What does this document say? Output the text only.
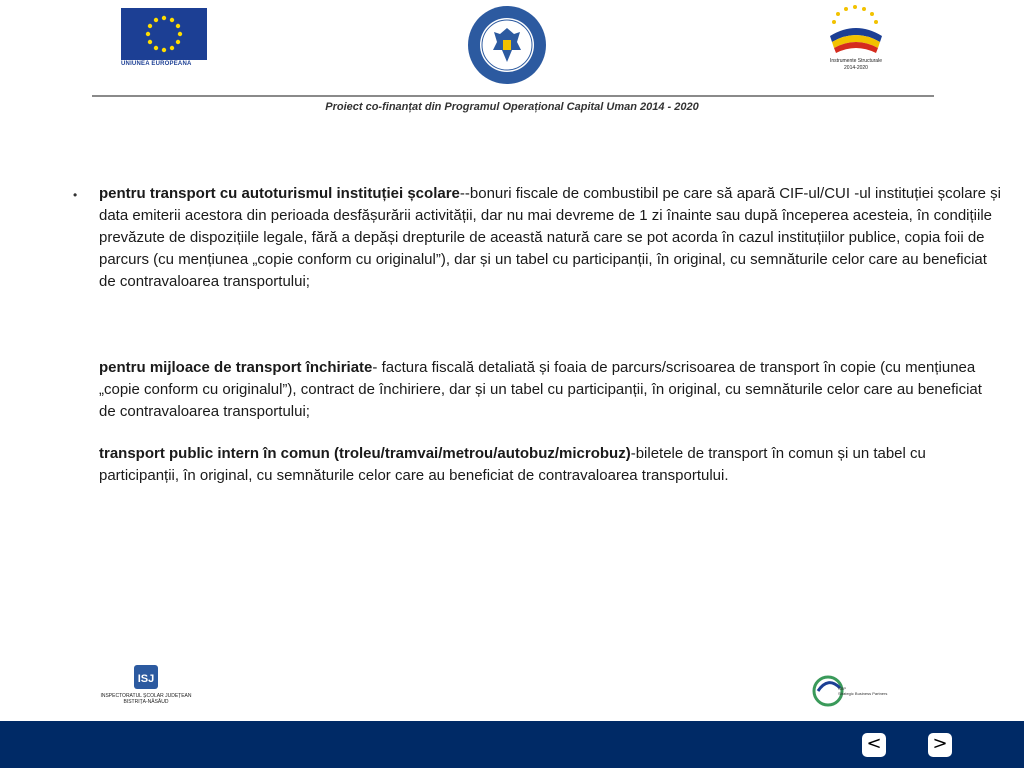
UNIUNEA EUROPEANĂ	Instrumente Structurale
2014-2020
Proiect co-finanțat din Programul Operațional Capital Uman 2014 - 2020
• pentru transport cu autoturismul instituției școlare--bonuri fiscale de combustibil pe care să apară CIF-ul/CUI -ul instituției școlare și data emiterii acestora din perioada desfășurării activității, dar nu mai devreme de 1 zi înainte sau după începerea acesteia, în condițiile prevăzute de dispozițiile legale, fără a depăși drepturile de această natură care se pot acorda în cazul instituțiilor publice, copia foii de parcurs (cu mențiunea „copie conform cu originalul”), dar și un tabel cu participanții, în original, cu semnăturile celor care au beneficiat de contravaloarea transportului;
pentru mijloace de transport închiriate- factura fiscală detaliată și foaia de parcurs/scrisoarea de transport în copie (cu mențiunea „copie conform cu originalul”), contract de închiriere, dar și un tabel cu participanții, în original, cu semnăturile celor care au beneficiat de contravaloarea transportului;
transport public intern în comun (troleu/tramvai/metrou/autobuz/microbuz)-biletele de transport în comun și un tabel cu participanții, în original, cu semnăturile celor care au beneficiat de contravaloarea transportului.
ISJ
INSPECTORATUL ȘCOLAR JUDEȚEAN BISTRIȚA-NĂSĂUD
SBP
Strategic Business Partners
<	>
